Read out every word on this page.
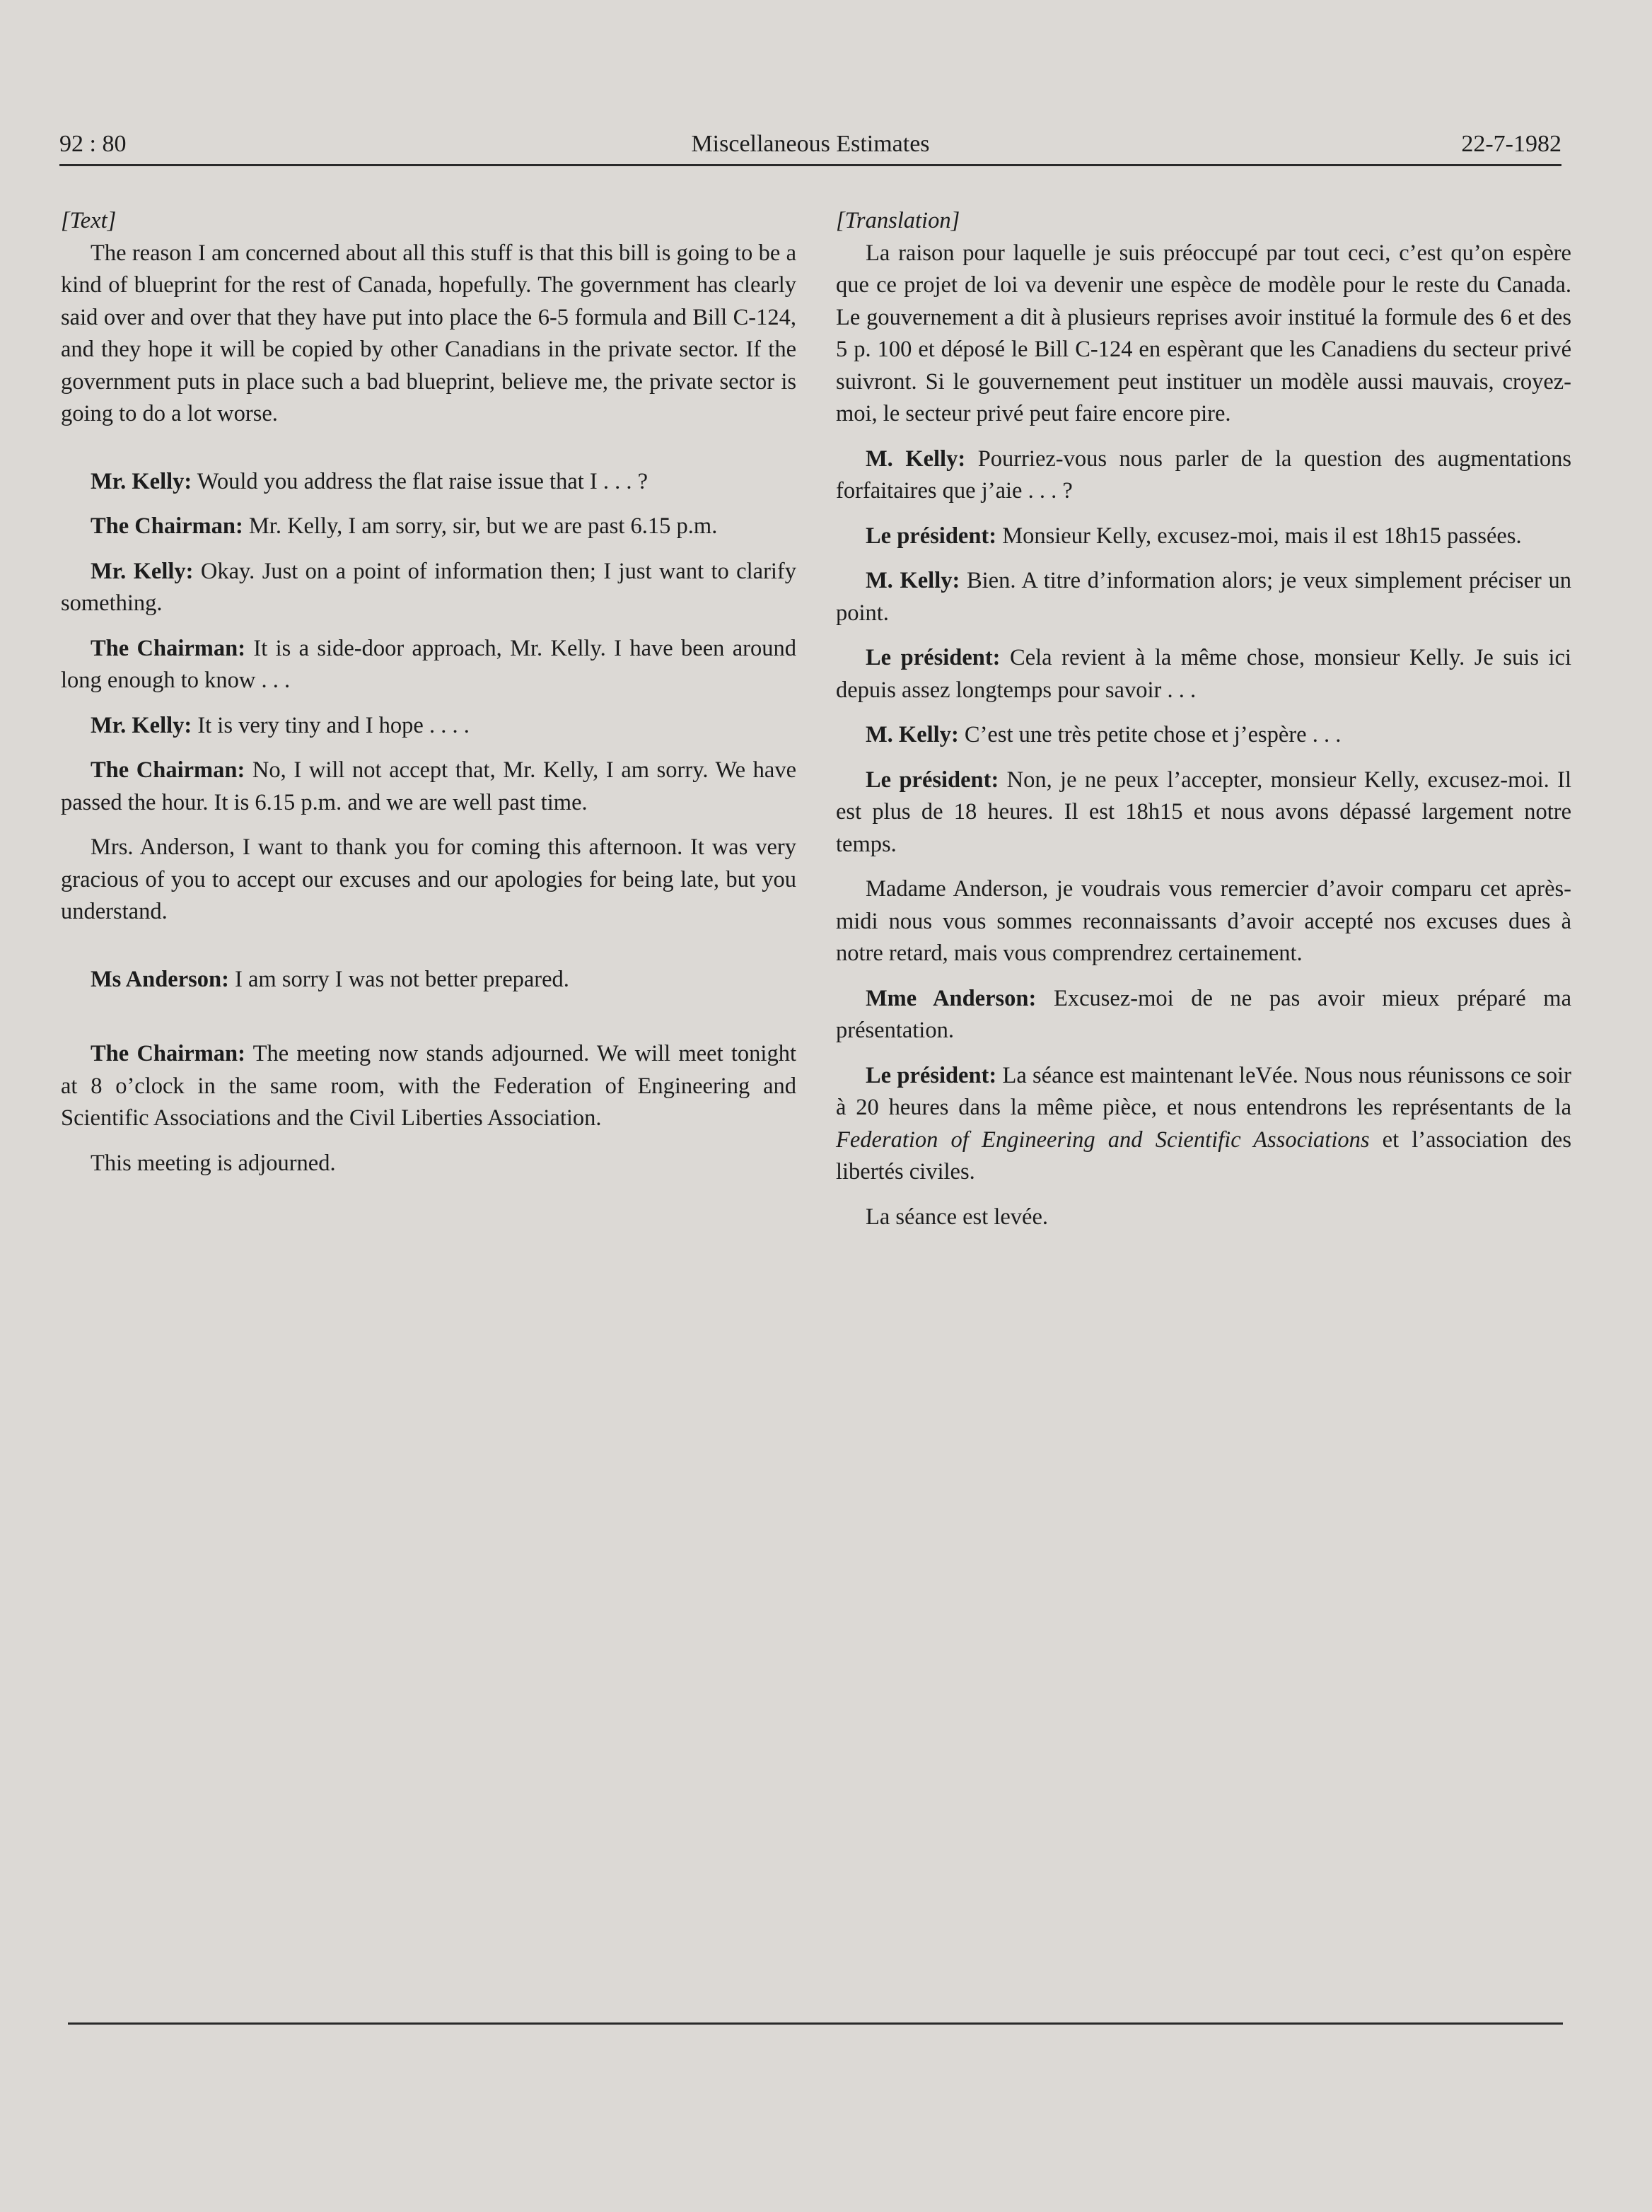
92 : 80	Miscellaneous Estimates	22-7-1982

[Text]

The reason I am concerned about all this stuff is that this bill is going to be a kind of blueprint for the rest of Canada, hopefully. The government has clearly said over and over that they have put into place the 6-5 formula and Bill C-124, and they hope it will be copied by other Canadians in the private sector. If the government puts in place such a bad blueprint, believe me, the private sector is going to do a lot worse.

Mr. Kelly: Would you address the flat raise issue that I . . . ?

The Chairman: Mr. Kelly, I am sorry, sir, but we are past 6.15 p.m.

Mr. Kelly: Okay. Just on a point of information then; I just want to clarify something.

The Chairman: It is a side-door approach, Mr. Kelly. I have been around long enough to know . . .

Mr. Kelly: It is very tiny and I hope . . . .

The Chairman: No, I will not accept that, Mr. Kelly, I am sorry. We have passed the hour. It is 6.15 p.m. and we are well past time.

Mrs. Anderson, I want to thank you for coming this afternoon. It was very gracious of you to accept our excuses and our apologies for being late, but you understand.

Ms Anderson: I am sorry I was not better prepared.

The Chairman: The meeting now stands adjourned. We will meet tonight at 8 o’clock in the same room, with the Federation of Engineering and Scientific Associations and the Civil Liberties Association.

This meeting is adjourned.

[Translation]

La raison pour laquelle je suis préoccupé par tout ceci, c’est qu’on espère que ce projet de loi va devenir une espèce de modèle pour le reste du Canada. Le gouvernement a dit à plusieurs reprises avoir institué la formule des 6 et des 5 p. 100 et déposé le Bill C-124 en espèrant que les Canadiens du secteur privé suivront. Si le gouvernement peut instituer un modèle aussi mauvais, croyez-moi, le secteur privé peut faire encore pire.

M. Kelly: Pourriez-vous nous parler de la question des augmentations forfaitaires que j’aie . . . ?

Le président: Monsieur Kelly, excusez-moi, mais il est 18h15 passées.

M. Kelly: Bien. A titre d’information alors; je veux simplement préciser un point.

Le président: Cela revient à la même chose, monsieur Kelly. Je suis ici depuis assez longtemps pour savoir . . .

M. Kelly: C’est une très petite chose et j’espère . . .

Le président: Non, je ne peux l’accepter, monsieur Kelly, excusez-moi. Il est plus de 18 heures. Il est 18h15 et nous avons dépassé largement notre temps.

Madame Anderson, je voudrais vous remercier d’avoir comparu cet après-midi nous vous sommes reconnaissants d’avoir accepté nos excuses dues à notre retard, mais vous comprendrez certainement.

Mme Anderson: Excusez-moi de ne pas avoir mieux préparé ma présentation.

Le président: La séance est maintenant leVée. Nous nous réunissons ce soir à 20 heures dans la même pièce, et nous entendrons les représentants de la Federation of Engineering and Scientific Associations et l’association des libertés civiles.

La séance est levée.
